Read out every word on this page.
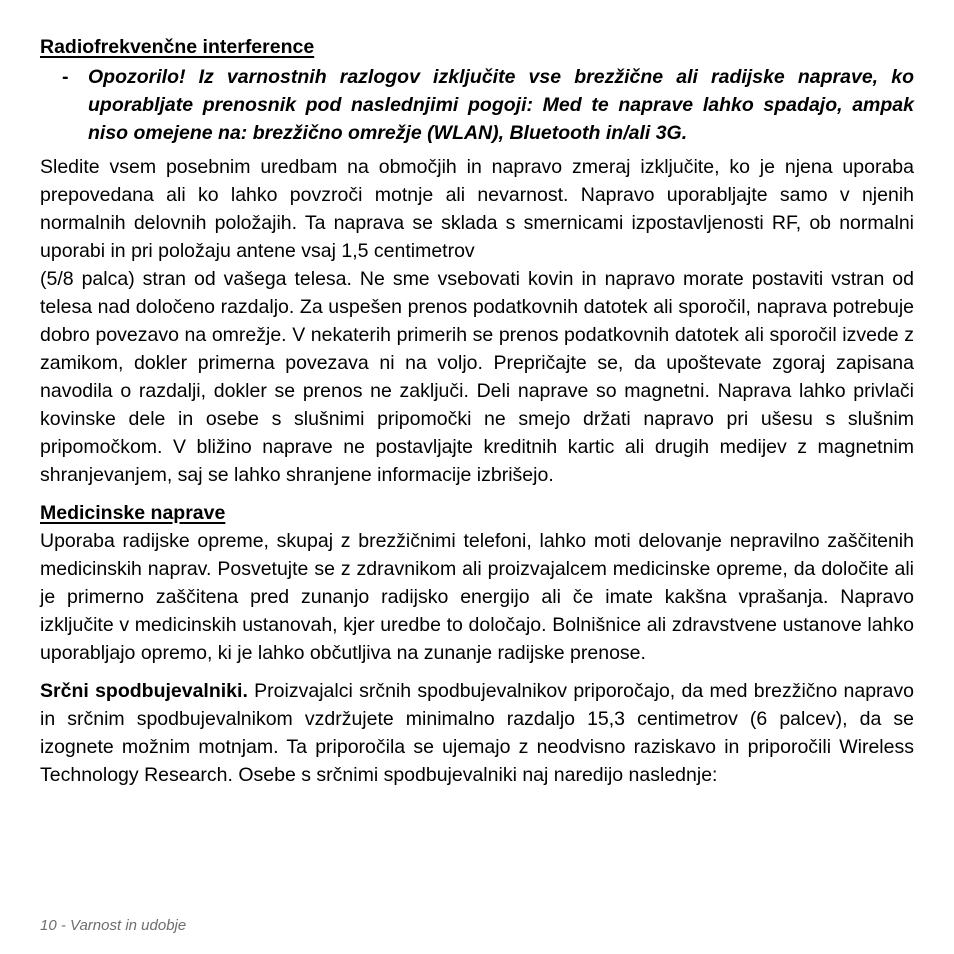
Radiofrekvenčne interference
- Opozorilo! Iz varnostnih razlogov izključite vse brezžične ali radijske naprave, ko uporabljate prenosnik pod naslednjimi pogoji: Med te naprave lahko spadajo, ampak niso omejene na: brezžično omrežje (WLAN), Bluetooth in/ali 3G.

Sledite vsem posebnim uredbam na območjih in napravo zmeraj izključite, ko je njena uporaba prepovedana ali ko lahko povzroči motnje ali nevarnost. Napravo uporabljajte samo v njenih normalnih delovnih položajih. Ta naprava se sklada s smernicami izpostavljenosti RF, ob normalni uporabi in pri položaju antene vsaj 1,5 centimetrov

(5/8 palca) stran od vašega telesa. Ne sme vsebovati kovin in napravo morate postaviti vstran od telesa nad določeno razdaljo. Za uspešen prenos podatkovnih datotek ali sporočil, naprava potrebuje dobro povezavo na omrežje. V nekaterih primerih se prenos podatkovnih datotek ali sporočil izvede z zamikom, dokler primerna povezava ni na voljo. Prepričajte se, da upoštevate zgoraj zapisana navodila o razdalji, dokler se prenos ne zaključi. Deli naprave so magnetni. Naprava lahko privlači kovinske dele in osebe s slušnimi pripomočki ne smejo držati napravo pri ušesu s slušnim pripomočkom. V bližino naprave ne postavljajte kreditnih kartic ali drugih medijev z magnetnim shranjevanjem, saj se lahko shranjene informacije izbrišejo.

Medicinske naprave

Uporaba radijske opreme, skupaj z brezžičnimi telefoni, lahko moti delovanje nepravilno zaščitenih medicinskih naprav. Posvetujte se z zdravnikom ali proizvajalcem medicinske opreme, da določite ali je primerno zaščitena pred zunanjo radijsko energijo ali če imate kakšna vprašanja. Napravo izključite v medicinskih ustanovah, kjer uredbe to določajo. Bolnišnice ali zdravstvene ustanove lahko uporabljajo opremo, ki je lahko občutljiva na zunanje radijske prenose.

Srčni spodbujevalniki. Proizvajalci srčnih spodbujevalnikov priporočajo, da med brezžično napravo in srčnim spodbujevalnikom vzdržujete minimalno razdaljo 15,3 centimetrov (6 palcev), da se izognete možnim motnjam. Ta priporočila se ujemajo z neodvisno raziskavo in priporočili Wireless Technology Research. Osebe s srčnimi spodbujevalniki naj naredijo naslednje:

10 - Varnost in udobje
